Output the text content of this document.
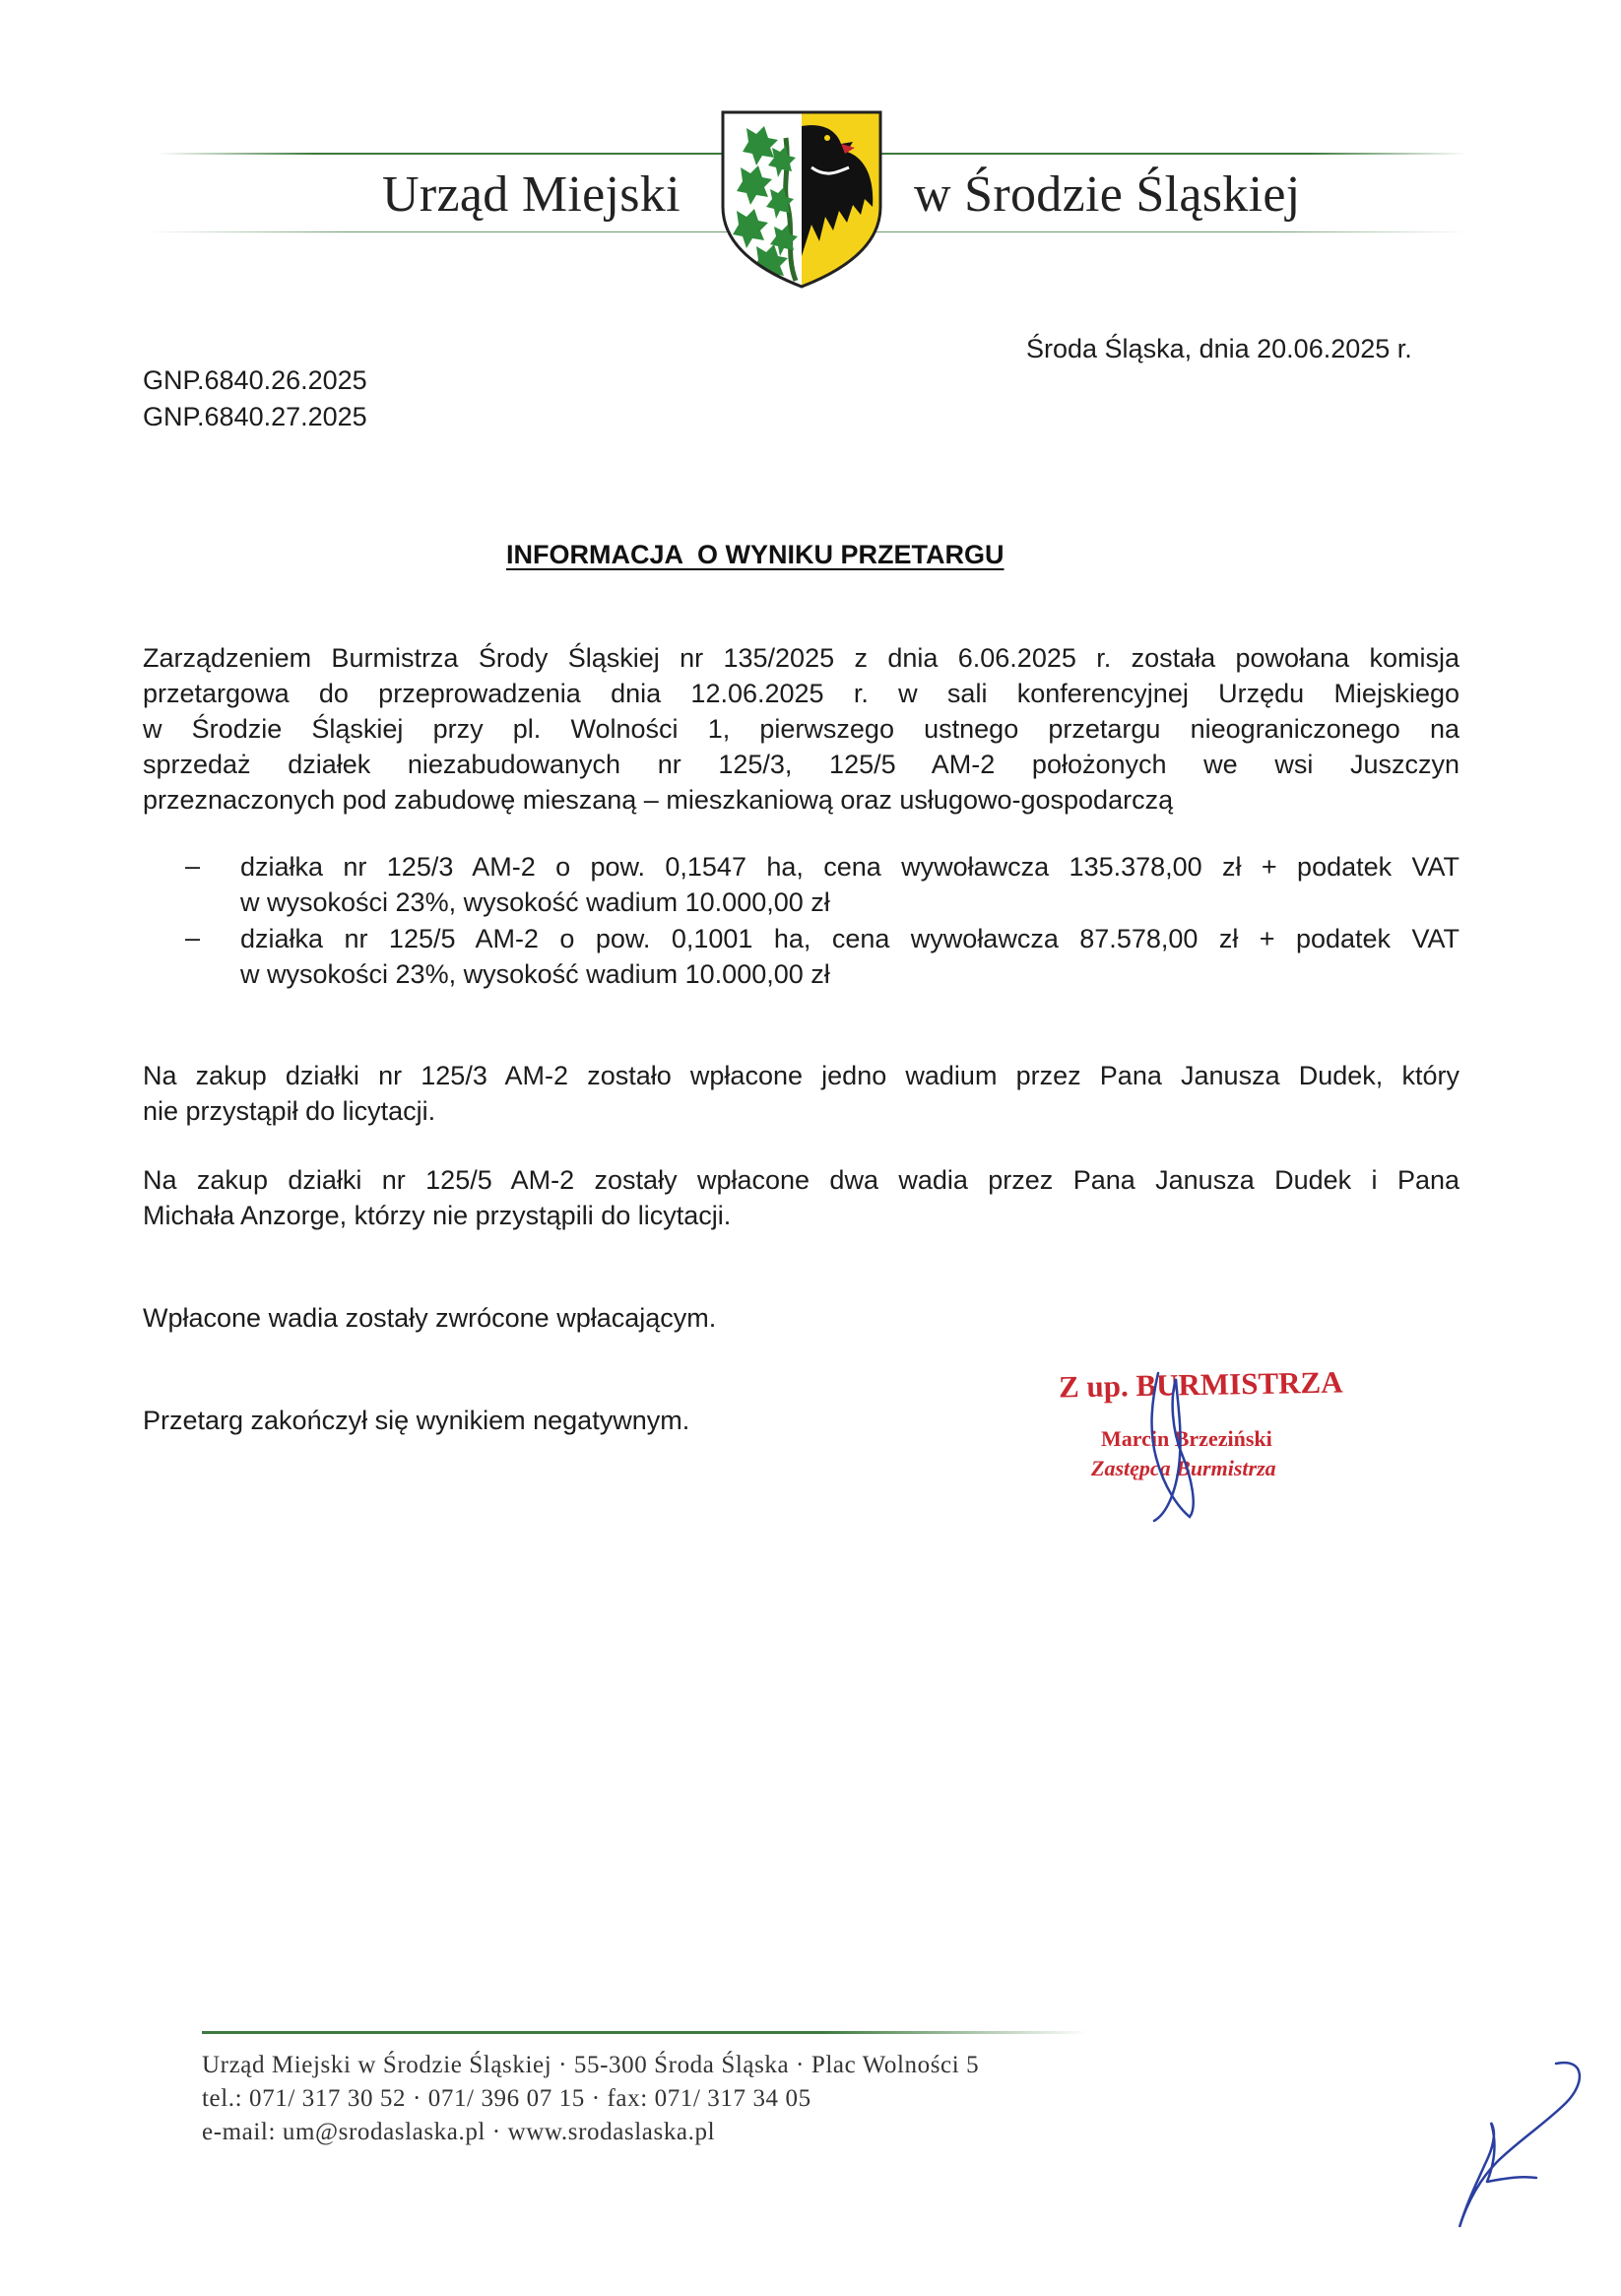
Urząd Miejski	w Środzie Śląskiej
Środa Śląska, dnia 20.06.2025 r.
GNP.6840.26.2025
GNP.6840.27.2025
INFORMACJA  O WYNIKU PRZETARGU
Zarządzeniem Burmistrza Środy Śląskiej nr 135/2025 z dnia 6.06.2025 r. została powołana komisja
przetargowa do przeprowadzenia dnia 12.06.2025 r. w sali konferencyjnej Urzędu Miejskiego
w Środzie Śląskiej przy pl. Wolności 1, pierwszego ustnego przetargu nieograniczonego na
sprzedaż działek niezabudowanych nr 125/3, 125/5 AM-2 położonych we wsi Juszczyn
przeznaczonych pod zabudowę mieszaną – mieszkaniową oraz usługowo-gospodarczą
– działka nr 125/3 AM-2 o pow. 0,1547 ha, cena wywoławcza 135.378,00 zł + podatek VAT
w wysokości 23%, wysokość wadium 10.000,00 zł
– działka nr 125/5 AM-2 o pow. 0,1001 ha, cena wywoławcza 87.578,00 zł + podatek VAT
w wysokości 23%, wysokość wadium 10.000,00 zł
Na zakup działki nr 125/3 AM-2 zostało wpłacone jedno wadium przez Pana Janusza Dudek, który
nie przystąpił do licytacji.
Na zakup działki nr 125/5 AM-2 zostały wpłacone dwa wadia przez Pana Janusza Dudek i Pana
Michała Anzorge, którzy nie przystąpili do licytacji.
Wpłacone wadia zostały zwrócone wpłacającym.
Przetarg zakończył się wynikiem negatywnym.
Z up. BURMISTRZA
Marcin Brzeziński
Zastępca Burmistrza
Urząd Miejski w Środzie Śląskiej · 55-300 Środa Śląska · Plac Wolności 5
tel.: 071/ 317 30 52 · 071/ 396 07 15 · fax: 071/ 317 34 05
e-mail: um@srodaslaska.pl · www.srodaslaska.pl
